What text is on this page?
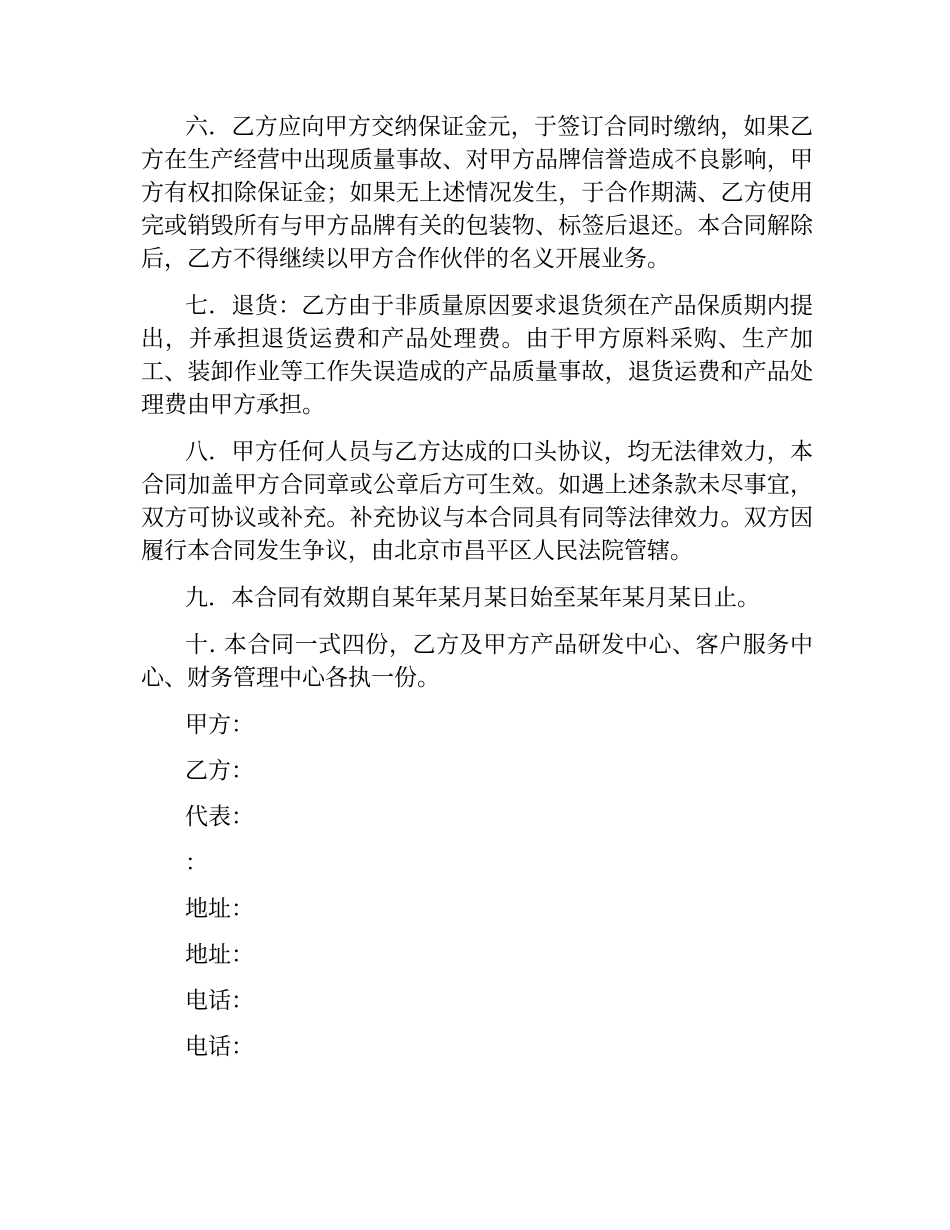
六．乙方应向甲方交纳保证金元，于签订合同时缴纳，如果乙方在生产经营中出现质量事故、对甲方品牌信誉造成不良影响，甲方有权扣除保证金；如果无上述情况发生，于合作期满、乙方使用完或销毁所有与甲方品牌有关的包装物、标签后退还。本合同解除后，乙方不得继续以甲方合作伙伴的名义开展业务。

七．退货：乙方由于非质量原因要求退货须在产品保质期内提出，并承担退货运费和产品处理费。由于甲方原料采购、生产加工、装卸作业等工作失误造成的产品质量事故，退货运费和产品处理费由甲方承担。

八．甲方任何人员与乙方达成的口头协议，均无法律效力，本合同加盖甲方合同章或公章后方可生效。如遇上述条款未尽事宜，双方可协议或补充。补充协议与本合同具有同等法律效力。双方因履行本合同发生争议，由北京市昌平区人民法院管辖。

九．本合同有效期自某年某月某日始至某年某月某日止。

十. 本合同一式四份，乙方及甲方产品研发中心、客户服务中心、财务管理中心各执一份。

甲方：
乙方：
代表：
：
地址：
地址：
电话：
电话：
